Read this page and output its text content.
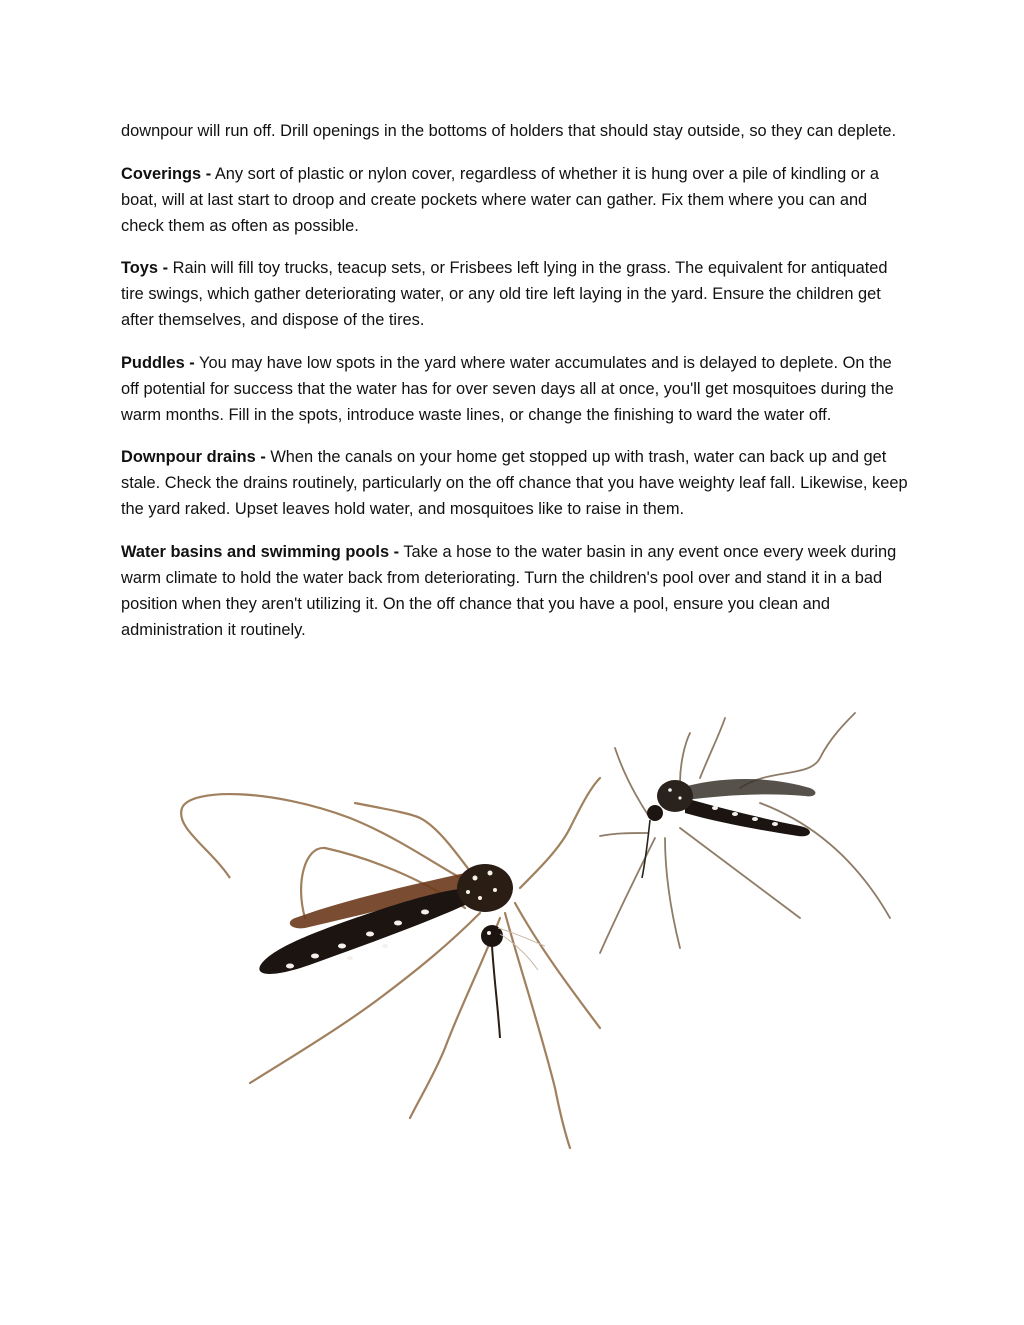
downpour will run off. Drill openings in the bottoms of holders that should stay outside, so they can deplete.

Coverings - Any sort of plastic or nylon cover, regardless of whether it is hung over a pile of kindling or a boat, will at last start to droop and create pockets where water can gather. Fix them where you can and check them as often as possible.

Toys - Rain will fill toy trucks, teacup sets, or Frisbees left lying in the grass. The equivalent for antiquated tire swings, which gather deteriorating water, or any old tire left laying in the yard. Ensure the children get after themselves, and dispose of the tires.

Puddles - You may have low spots in the yard where water accumulates and is delayed to deplete. On the off potential for success that the water has for over seven days all at once, you'll get mosquitoes during the warm months. Fill in the spots, introduce waste lines, or change the finishing to ward the water off.

Downpour drains - When the canals on your home get stopped up with trash, water can back up and get stale. Check the drains routinely, particularly on the off chance that you have weighty leaf fall. Likewise, keep the yard raked. Upset leaves hold water, and mosquitoes like to raise in them.

Water basins and swimming pools - Take a hose to the water basin in any event once every week during warm climate to hold the water back from deteriorating. Turn the children's pool over and stand it in a bad position when they aren't utilizing it. On the off chance that you have a pool, ensure you clean and administration it routinely.
